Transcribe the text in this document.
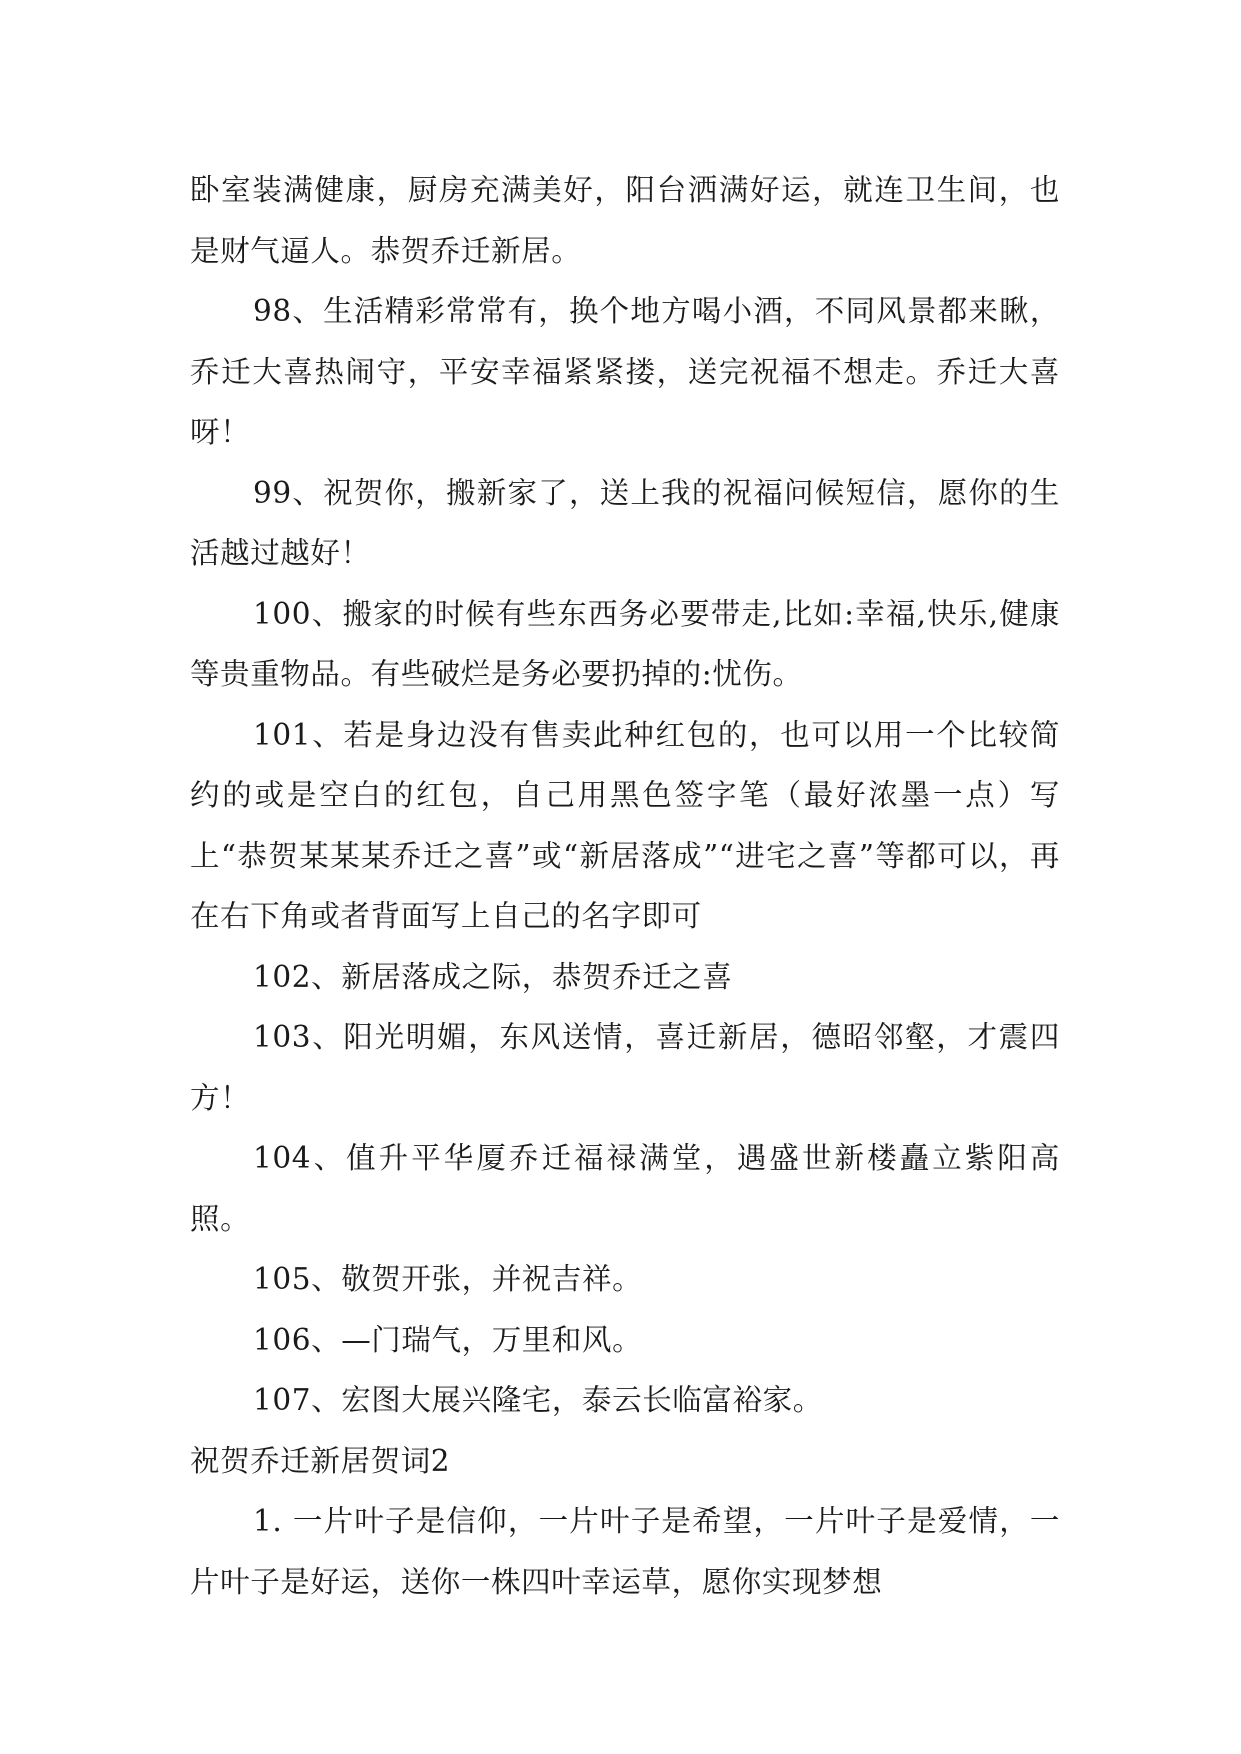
卧室装满健康，厨房充满美好，阳台洒满好运，就连卫生间，也是财气逼人。恭贺乔迁新居。

98、生活精彩常常有，换个地方喝小酒，不同风景都来瞅，乔迁大喜热闹守，平安幸福紧紧搂，送完祝福不想走。乔迁大喜呀！

99、祝贺你，搬新家了，送上我的祝福问候短信，愿你的生活越过越好！

100、搬家的时候有些东西务必要带走,比如:幸福,快乐,健康等贵重物品。有些破烂是务必要扔掉的:忧伤。

101、若是身边没有售卖此种红包的，也可以用一个比较简约的或是空白的红包，自己用黑色签字笔（最好浓墨一点）写上“恭贺某某某乔迁之喜”或“新居落成”“进宅之喜”等都可以，再在右下角或者背面写上自己的名字即可

102、新居落成之际，恭贺乔迁之喜

103、阳光明媚，东风送情，喜迁新居，德昭邻壑，才震四方！

104、值升平华厦乔迁福禄满堂，遇盛世新楼矗立紫阳高照。

105、敬贺开张，并祝吉祥。

106、—门瑞气，万里和风。

107、宏图大展兴隆宅，泰云长临富裕家。

祝贺乔迁新居贺词2

1. 一片叶子是信仰，一片叶子是希望，一片叶子是爱情，一片叶子是好运，送你一株四叶幸运草，愿你实现梦想
